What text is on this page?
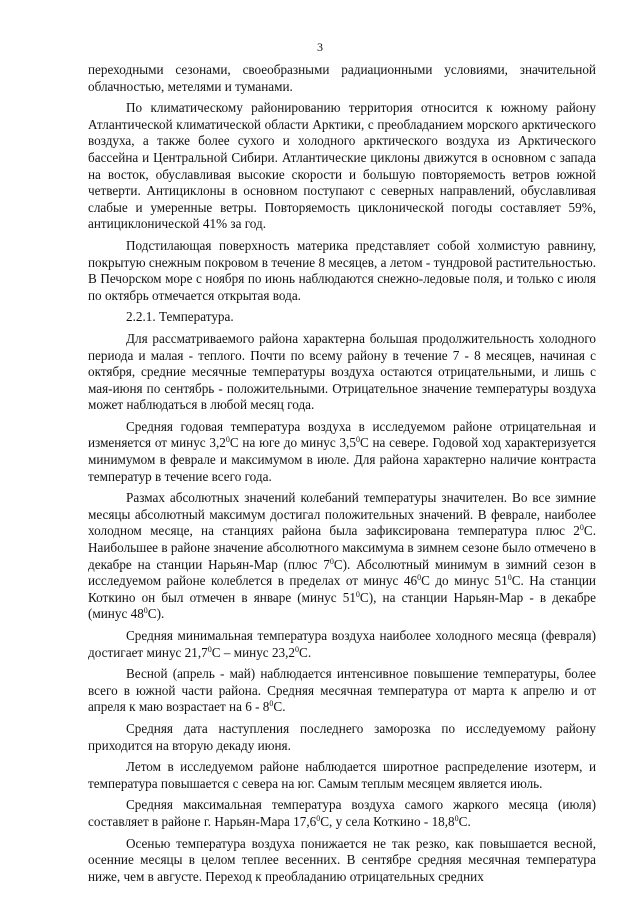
3

переходными сезонами, своеобразными радиационными условиями, значительной облачностью, метелями и туманами.

По климатическому районированию территория относится к южному району Атлантической климатической области Арктики, с преобладанием морского арктического воздуха, а также более сухого и холодного арктического воздуха из Арктического бассейна и Центральной Сибири. Атлантические циклоны движутся в основном с запада на восток, обуславливая высокие скорости и большую повторяемость ветров южной четверти. Антициклоны в основном поступают с северных направлений, обуславливая слабые и умеренные ветры. Повторяемость циклонической погоды составляет 59%, антициклонической 41% за год.

Подстилающая поверхность материка представляет собой холмистую равнину, покрытую снежным покровом в течение 8 месяцев, а летом - тундровой растительностью. В Печорском море с ноября по июнь наблюдаются снежно-ледовые поля, и только с июля по октябрь отмечается открытая вода.

2.2.1. Температура.

Для рассматриваемого района характерна большая продолжительность холодного периода и малая - теплого. Почти по всему району в течение 7 - 8 месяцев, начиная с октября, средние месячные температуры воздуха остаются отрицательными, и лишь с мая-июня по сентябрь - положительными. Отрицательное значение температуры воздуха может наблюдаться в любой месяц года.

Средняя годовая температура воздуха в исследуемом районе отрицательная и изменяется от минус $3,2^0С$ на юге до минус $3,5^0С$ на севере. Годовой ход характеризуется минимумом в феврале и максимумом в июле. Для района характерно наличие контраста температур в течение всего года.

Размах абсолютных значений колебаний температуры значителен. Во все зимние месяцы абсолютный максимум достигал положительных значений. В феврале, наиболее холодном месяце, на станциях района была зафиксирована температура плюс $2^0С$. Наибольшее в районе значение абсолютного максимума в зимнем сезоне было отмечено в декабре на станции Нарьян-Мар (плюс $7^0С$). Абсолютный минимум в зимний сезон в исследуемом районе колеблется в пределах от минус $46^0С$ до минус $51^0С$. На станции Коткино он был отмечен в январе (минус $51^0С$), на станции Нарьян-Мар - в декабре (минус $48^0С$).

Средняя минимальная температура воздуха наиболее холодного месяца (февраля) достигает минус 21,7$^0$С – минус 23,2$^0$С.

Весной (апрель - май) наблюдается интенсивное повышение температуры, более всего в южной части района. Средняя месячная температура от марта к апрелю и от апреля к маю возрастает на $6 - 8^0С$.

Средняя дата наступления последнего заморозка по исследуемому району приходится на вторую декаду июня.

Летом в исследуемом районе наблюдается широтное распределение изотерм, и температура повышается с севера на юг. Самым теплым месяцем является июль.

Средняя максимальная температура воздуха самого жаркого месяца (июля) составляет в районе г. Нарьян-Мара 17,6$^0$С, у села Коткино - 18,8$^0$С.

Осенью температура воздуха понижается не так резко, как повышается весной, осенние месяцы в целом теплее весенних. В сентябре средняя месячная температура ниже, чем в августе. Переход к преобладанию отрицательных средних
